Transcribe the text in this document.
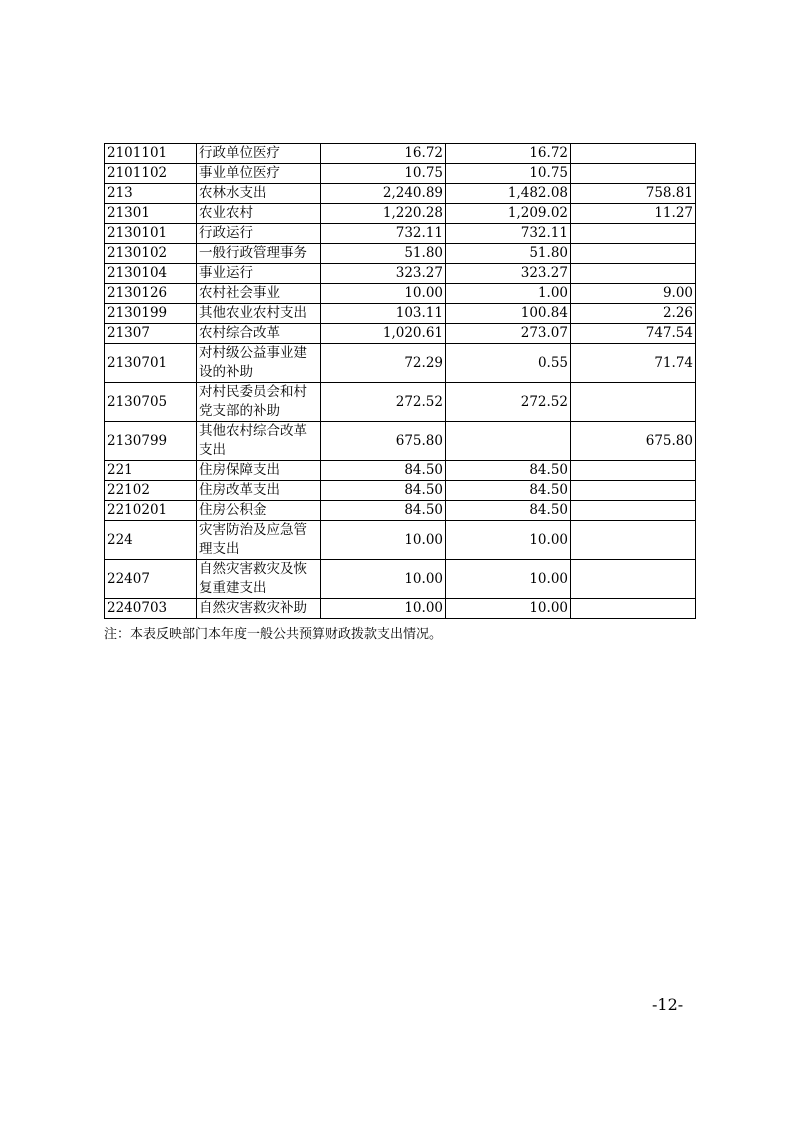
2101101	行政单位医疗	16.72	16.72	
2101102	事业单位医疗	10.75	10.75	
213	农林水支出	2,240.89	1,482.08	758.81
21301	农业农村	1,220.28	1,209.02	11.27
2130101	行政运行	732.11	732.11	
2130102	一般行政管理事务	51.80	51.80	
2130104	事业运行	323.27	323.27	
2130126	农村社会事业	10.00	1.00	9.00
2130199	其他农业农村支出	103.11	100.84	2.26
21307	农村综合改革	1,020.61	273.07	747.54
2130701	对村级公益事业建设的补助	72.29	0.55	71.74
2130705	对村民委员会和村党支部的补助	272.52	272.52	
2130799	其他农村综合改革支出	675.80		675.80
221	住房保障支出	84.50	84.50	
22102	住房改革支出	84.50	84.50	
2210201	住房公积金	84.50	84.50	
224	灾害防治及应急管理支出	10.00	10.00	
22407	自然灾害救灾及恢复重建支出	10.00	10.00	
2240703	自然灾害救灾补助	10.00	10.00	
注：本表反映部门本年度一般公共预算财政拨款支出情况。
-12-
